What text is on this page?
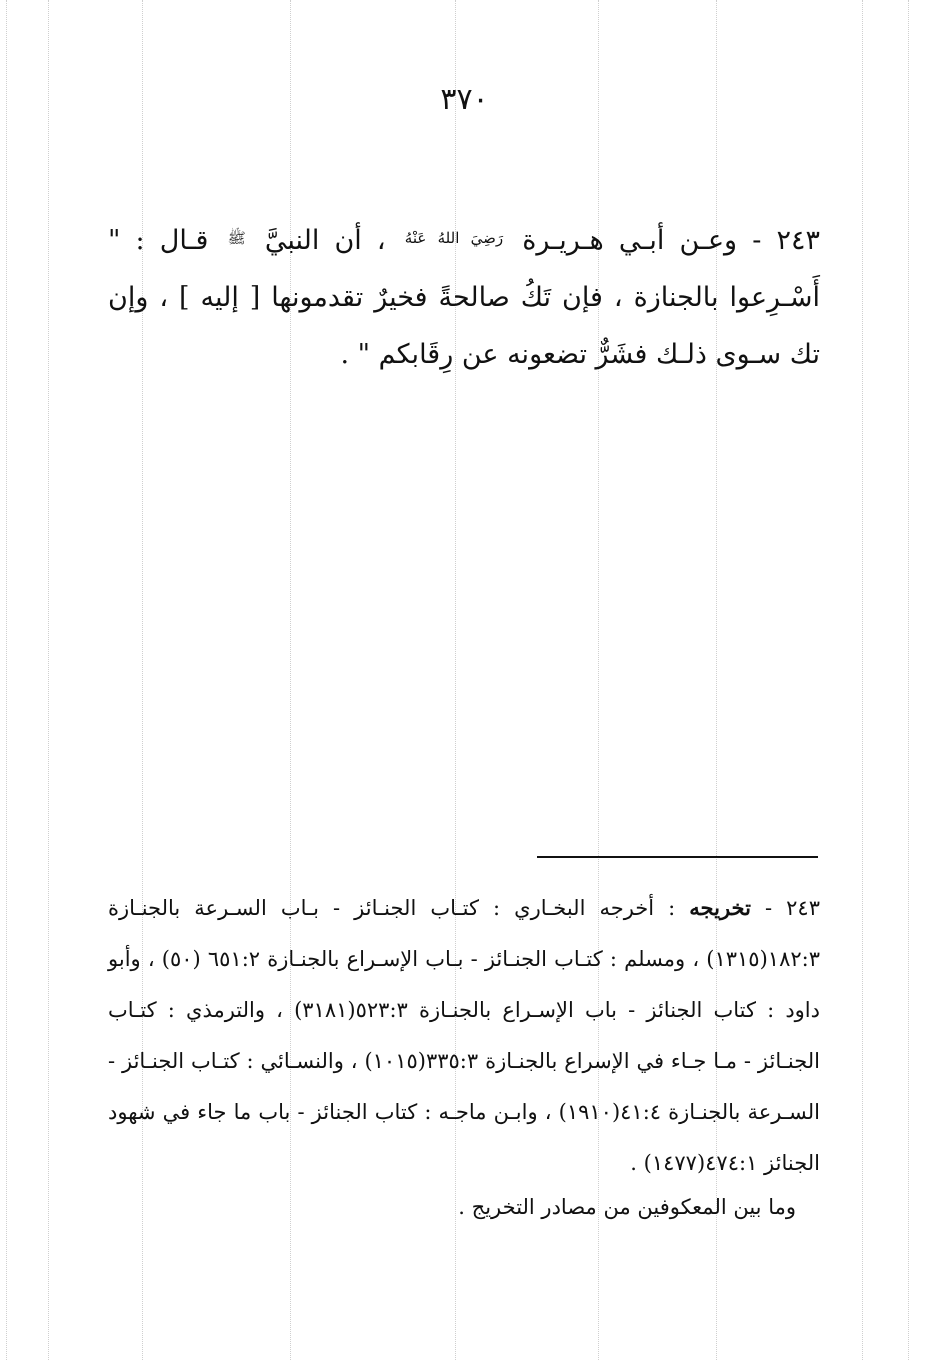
٣٧٠

٢٤٣ - وعـن أبـي هـريـرة $^{رَضِيَ اللهُ عَنْهُ}$ ، أن النبيَّ $^ﷺ$ قـال : " أَسْـرِعوا بالجنازة ، فإن تَكُ صالحةً فخيرٌ تقدمونها [ إليه ] ، وإن تك سـوى ذلـك فشَرٌّ تضعونه عن رِقَابكم " .

٢٤٣ - تخريجه : أخرجه البخـاري : كتـاب الجنـائز - بـاب السـرعة بالجنـازة ١٨٢:٣(١٣١٥) ، ومسلم : كتـاب الجنـائز - بـاب الإسـراع بالجنـازة ٦٥١:٢ (٥٠) ، وأبو داود : كتاب الجنائز - باب الإسـراع بالجنـازة ٥٢٣:٣(٣١٨١) ، والترمذي : كتـاب الجنـائز - مـا جـاء في الإسراع بالجنـازة ٣٣٥:٣(١٠١٥) ، والنسـائي : كتـاب الجنـائز - السـرعة بالجنـازة ٤١:٤(١٩١٠) ، وابـن ماجـه : كتاب الجنائز - باب ما جاء في شهود الجنائز ٤٧٤:١(١٤٧٧) .

وما بين المعكوفين من مصادر التخريج .
